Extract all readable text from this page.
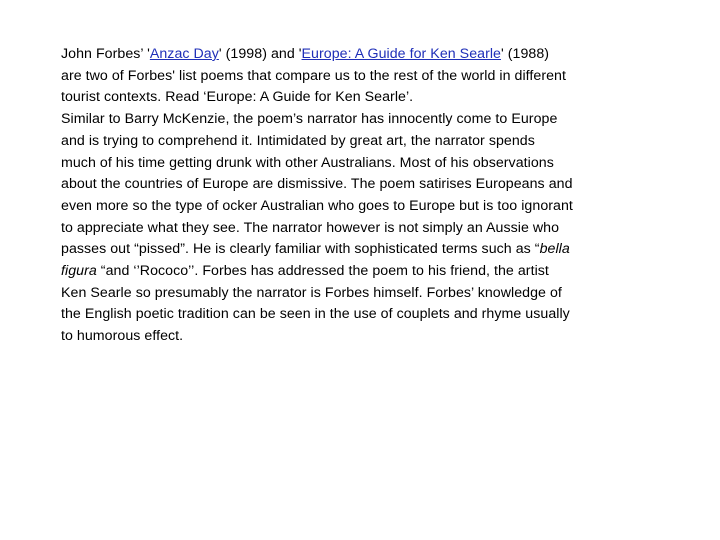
John Forbes’ 'Anzac Day' (1998) and 'Europe: A Guide for Ken Searle' (1988)
are two of Forbes' list poems that compare us to the rest of the world in different
tourist contexts. Read ‘Europe: A Guide for Ken Searle’.
Similar to Barry McKenzie, the poem’s narrator has innocently come to Europe
and is trying to comprehend it. Intimidated by great art, the narrator spends
much of his time getting drunk with other Australians. Most of his observations
about the countries of Europe are dismissive. The poem satirises Europeans and
even more so the type of ocker Australian who goes to Europe but is too ignorant
to appreciate what they see. The narrator however is not simply an Aussie who
passes out “pissed”. He is clearly familiar with sophisticated terms such as “bella
figura “and ‘’Rococo’’. Forbes has addressed the poem to his friend, the artist
Ken Searle so presumably the narrator is Forbes himself. Forbes’ knowledge of
the English poetic tradition can be seen in the use of couplets and rhyme usually
to humorous effect.
